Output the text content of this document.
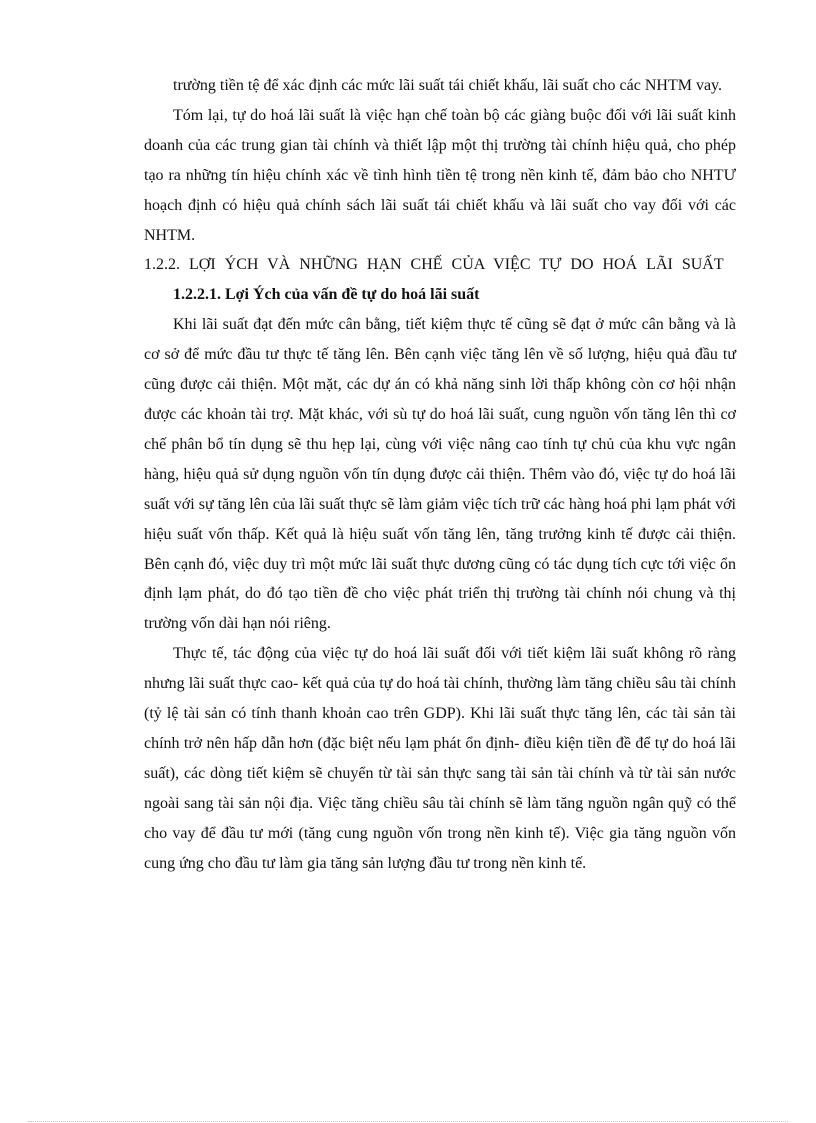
trường tiền tệ để xác định các mức lãi suất tái chiết khấu, lãi suất cho các NHTM vay.

Tóm lại, tự do hoá lãi suất là việc hạn chế toàn bộ các giàng buộc đối với lãi suất kinh doanh của các trung gian tài chính và thiết lập một thị trường tài chính hiệu quả, cho phép tạo ra những tín hiệu chính xác về tình hình tiền tệ trong nền kinh tế, đảm bảo cho NHTƯ hoạch định có hiệu quả chính sách lãi suất tái chiết khấu và lãi suất cho vay đối với các NHTM.

1.2.2. LỢI ÝCH VÀ NHỮNG HẠN CHẾ CỦA VIỆC TỰ DO HOÁ LÃI SUẤT

1.2.2.1. Lợi Ých của vấn đề tự do hoá lãi suất

Khi lãi suất đạt đến mức cân bằng, tiết kiệm thực tế cũng sẽ đạt ở mức cân bằng và là cơ sở để mức đầu tư thực tế tăng lên. Bên cạnh việc tăng lên về số lượng, hiệu quả đầu tư cũng được cải thiện. Một mặt, các dự án có khả năng sinh lời thấp không còn cơ hội nhận được các khoản tài trợ. Mặt khác, với sù tự do hoá lãi suất, cung nguồn vốn tăng lên thì cơ chế phân bổ tín dụng sẽ thu hẹp lại, cùng với việc nâng cao tính tự chủ của khu vực ngân hàng, hiệu quả sử dụng nguồn vốn tín dụng được cải thiện. Thêm vào đó, việc tự do hoá lãi suất với sự tăng lên của lãi suất thực sẽ làm giảm việc tích trữ các hàng hoá phi lạm phát với hiệu suất vốn thấp. Kết quả là hiệu suất vốn tăng lên, tăng trưởng kinh tế được cải thiện. Bên cạnh đó, việc duy trì một mức lãi suất thực dương cũng có tác dụng tích cực tới việc ổn định lạm phát, do đó tạo tiền đề cho việc phát triển thị trường tài chính nói chung và thị trường vốn dài hạn nói riêng.

Thực tế, tác động của việc tự do hoá lãi suất đối với tiết kiệm lãi suất không rõ ràng nhưng lãi suất thực cao- kết quả của tự do hoá tài chính, thường làm tăng chiều sâu tài chính (tỷ lệ tài sản có tính thanh khoản cao trên GDP). Khi lãi suất thực tăng lên, các tài sản tài chính trở nên hấp dẫn hơn (đặc biệt nếu lạm phát ổn định- điều kiện tiền đề để tự do hoá lãi suất), các dòng tiết kiệm sẽ chuyển từ tài sản thực sang tài sản tài chính và từ tài sản nước ngoài sang tài sản nội địa. Việc tăng chiều sâu tài chính sẽ làm tăng nguồn ngân quỹ có thể cho vay để đầu tư mới (tăng cung nguồn vốn trong nền kinh tế). Việc gia tăng nguồn vốn cung ứng cho đầu tư làm gia tăng sản lượng đầu tư trong nền kinh tế.
